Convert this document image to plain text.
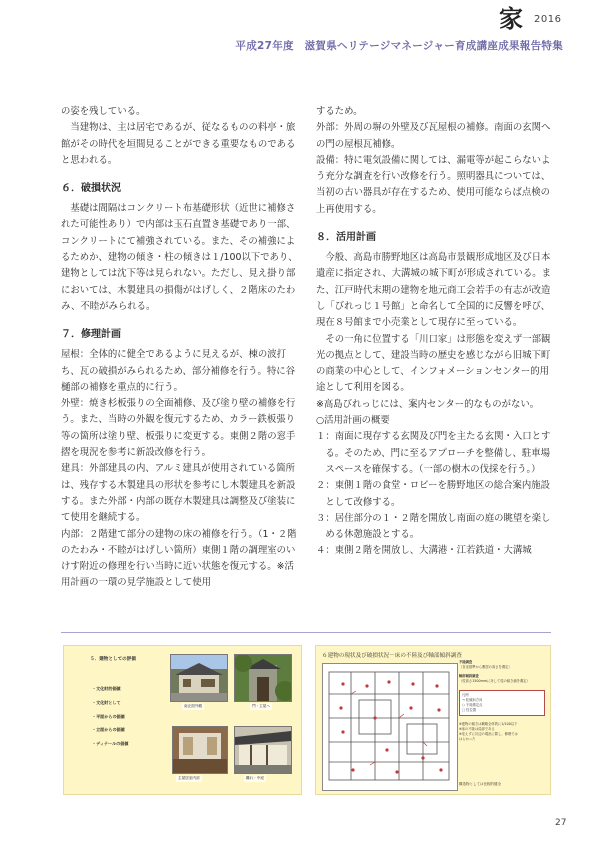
家 2016
平成27年度　滋賀県ヘリテージマネージャー育成講座成果報告特集

の姿を残している。

当建物は、主は居宅であるが、従なるものの料亭・旅館がその時代を垣間見ることができる重要なものであると思われる。

６．破損状況

基礎は間隔はコンクリート布基礎形状（近世に補修された可能性あり）で内部は玉石直置き基礎であり一部、コンクリートにて補強されている。また、その補強によるためか、建物の傾き・柱の傾きは１/100以下であり、建物としては沈下等は見られない。ただし、見え掛り部においては、木製建具の損傷がはげしく、２階床のたわみ、不睦がみられる。

７．修理計画

屋根：全体的に健全であるように見えるが、棟の波打ち、瓦の破損がみられるため、部分補修を行う。特に谷樋部の補修を重点的に行う。

外壁：焼き杉板張りの全面補修、及び塗り壁の補修を行う。また、当時の外観を復元するため、カラー鉄板張り等の箇所は塗り壁、板張りに変更する。東側２階の窓手摺を現況を参考に新設改修を行う。

建具：外部建具の内、アルミ建具が使用されている箇所は、残存する木製建具の形状を参考にし木製建具を新設する。また外部・内部の既存木製建具は調整及び塗装にて使用を継続する。

内部：２階建て部分の建物の床の補修を行う。（1・２階のたわみ・不睦がはげしい箇所）東側１階の調理室のいけす附近の修理を行い当時に近い状態を復元する。※活用計画の一環の見学施設として使用

するため。

外部：外周の塀の外壁及び瓦屋根の補修。南面の玄関への門の屋根瓦補修。

設備：特に電気設備に関しては、漏電等が起こらないよう充分な調査を行い改修を行う。照明器具については、当初の古い器具が存在するため、使用可能ならば点検の上再使用する。

８．活用計画

今般、高島市勝野地区は高島市景観形成地区及び日本遺産に指定され、大溝城の城下町が形成されている。また、江戸時代末期の建物を地元商工会若手の有志が改造し「びれっじ１号館」と命名して全国的に反響を呼び、現在８号館まで小売業として現存に至っている。

その一角に位置する「川口家」は形態を変えず一部観光の拠点として、建設当時の歴史を感じながら旧城下町の商業の中心として、インフォメーションセンター的用途として利用を図る。

※高島びれっじには、案内センター的なものがない。

○活用計画の概要

１：南面に現存する玄関及び門を主たる玄関・入口とする。そのため、門に至るアプローチを整備し、駐車場スペースを確保する。（一部の樹木の伐採を行う。）

２：東側１階の食堂・ロビーを勝野地区の総合案内施設として改修する。

３：居住部分の１・２階を開放し南面の庭の眺望を楽しめる休憩施設とする。

４：東側２階を開放し、大溝港・江若鉄道・大溝城

５．建物としての評価
・文化財的価値
・文化財として
・平面からの価値
・立面からの価値
・ディテールの価値
南正面外観	門・主屋へ
主屋居室内部	離れ・中庭
６建物の現状及び破損状況－床の不陸及び軸部傾斜調査
不陸調査
（各室基準から敷居の高さを測定）
軸部傾斜調査
（柱高さ1500mmに対して柱の傾き値を測定）
凡例
→ 柱傾斜方向
○ 不陸測定点
□ 柱位置
※建物の傾きは概略全体的に1/100以下
※床の不陸は局部である
※変えずに川辺の現況に際し、修理では
はらかった
構造物としては比較的健全
27
